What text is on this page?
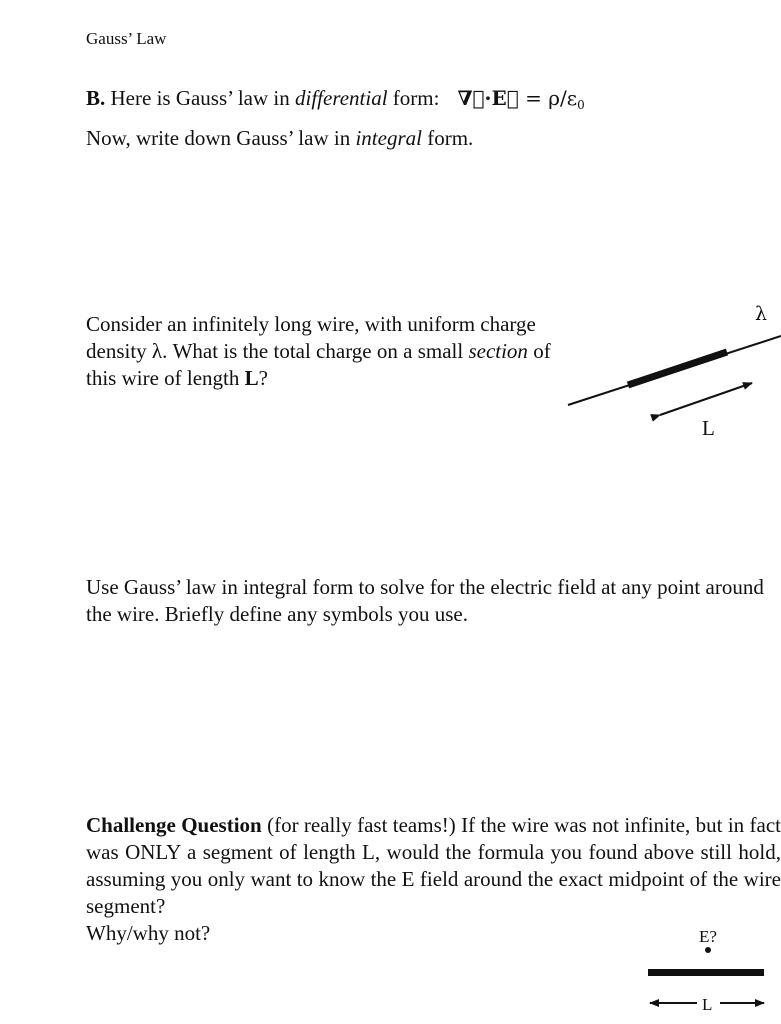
Gauss’ Law
B. Here is Gauss’ law in differential form: ∇⃗·E⃗ = $\rho/\varepsilon_0$
Now, write down Gauss’ law in integral form.
Consider an infinitely long wire, with uniform charge density λ. What is the total charge on a small section of this wire of length L?
Use Gauss’ law in integral form to solve for the electric field at any point around the wire. Briefly define any symbols you use.
Challenge Question (for really fast teams!) If the wire was not infinite, but in fact was ONLY a segment of length L, would the formula you found above still hold, assuming you only want to know the E field around the exact midpoint of the wire segment?
Why/why not?
λ
L
E?
L
